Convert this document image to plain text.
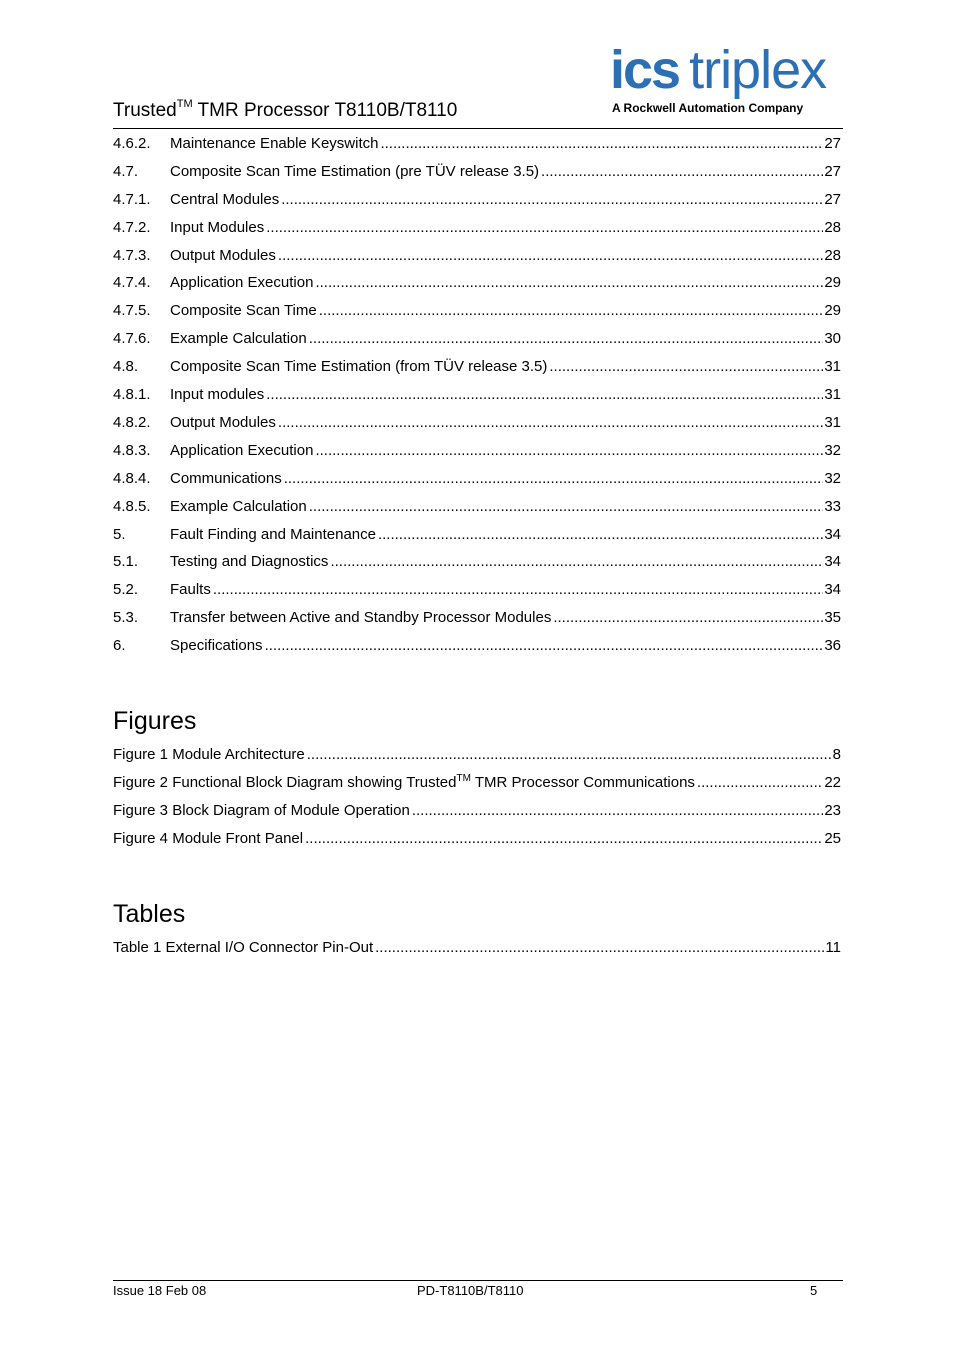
Trusted™ TMR Processor T8110B/T8110
ics triplex
A Rockwell Automation Company
4.6.2.	Maintenance Enable Keyswitch .....	27
4.7.	Composite Scan Time Estimation (pre TÜV release 3.5) .....	27
4.7.1.	Central Modules .....	27
4.7.2.	Input Modules .....	28
4.7.3.	Output Modules .....	28
4.7.4.	Application Execution .....	29
4.7.5.	Composite Scan Time .....	29
4.7.6.	Example Calculation .....	30
4.8.	Composite Scan Time Estimation (from TÜV release 3.5) .....	31
4.8.1.	Input modules .....	31
4.8.2.	Output Modules .....	31
4.8.3.	Application Execution .....	32
4.8.4.	Communications .....	32
4.8.5.	Example Calculation .....	33
5.	Fault Finding and Maintenance .....	34
5.1.	Testing and Diagnostics .....	34
5.2.	Faults .....	34
5.3.	Transfer between Active and Standby Processor Modules .....	35
6.	Specifications .....	36
Figures
Figure 1 Module Architecture .....	8
Figure 2 Functional Block Diagram showing Trusted™ TMR Processor Communications .....	22
Figure 3 Block Diagram of Module Operation .....	23
Figure 4 Module Front Panel .....	25
Tables
Table 1 External I/O Connector Pin-Out .....	11
Issue 18 Feb 08	PD-T8110B/T8110	5
